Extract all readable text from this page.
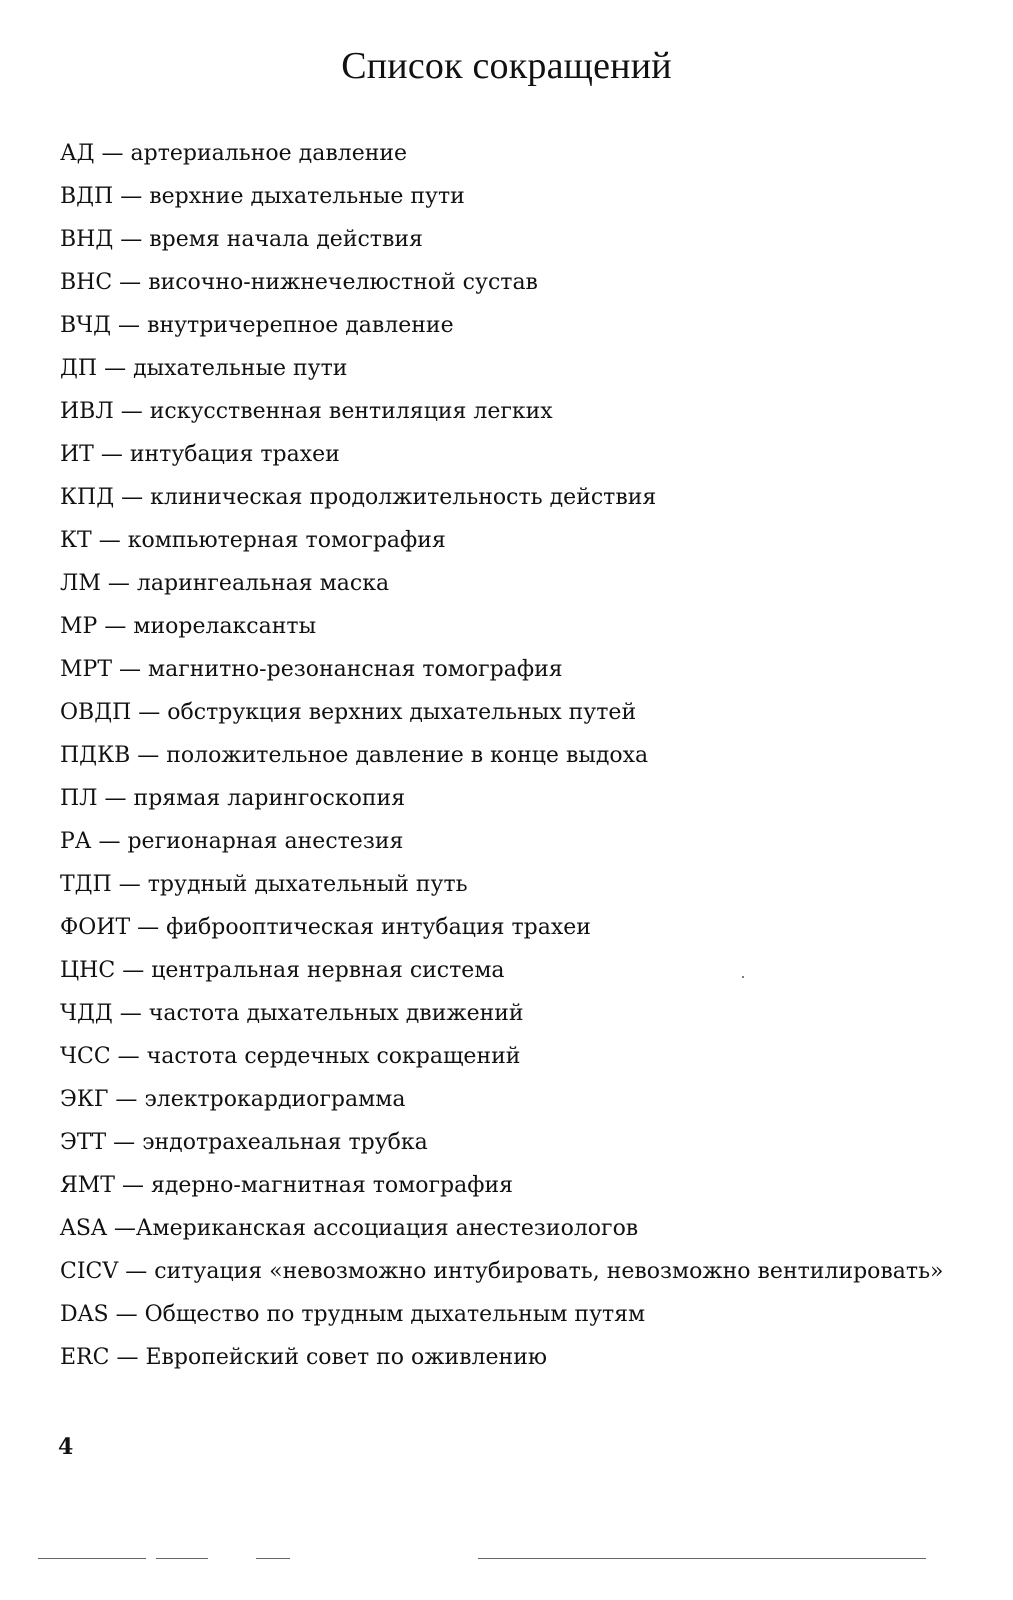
Список сокращений
АД — артериальное давление
ВДП — верхние дыхательные пути
ВНД — время начала действия
ВНС — височно-нижнечелюстной сустав
ВЧД — внутричерепное давление
ДП — дыхательные пути
ИВЛ — искусственная вентиляция легких
ИТ — интубация трахеи
КПД — клиническая продолжительность действия
КТ — компьютерная томография
ЛМ — ларингеальная маска
МР — миорелаксанты
МРТ — магнитно-резонансная томография
ОВДП — обструкция верхних дыхательных путей
ПДКВ — положительное давление в конце выдоха
ПЛ — прямая ларингоскопия
РА — регионарная анестезия
ТДП — трудный дыхательный путь
ФОИТ — фиброоптическая интубация трахеи
ЦНС — центральная нервная система
ЧДД — частота дыхательных движений
ЧСС — частота сердечных сокращений
ЭКГ — электрокардиограмма
ЭТТ — эндотрахеальная трубка
ЯМТ — ядерно-магнитная томография
ASA —Американская ассоциация анестезиологов
CICV — ситуация «невозможно интубировать, невозможно вентилировать»
DAS — Общество по трудным дыхательным путям
ERC — Европейский совет по оживлению
4
